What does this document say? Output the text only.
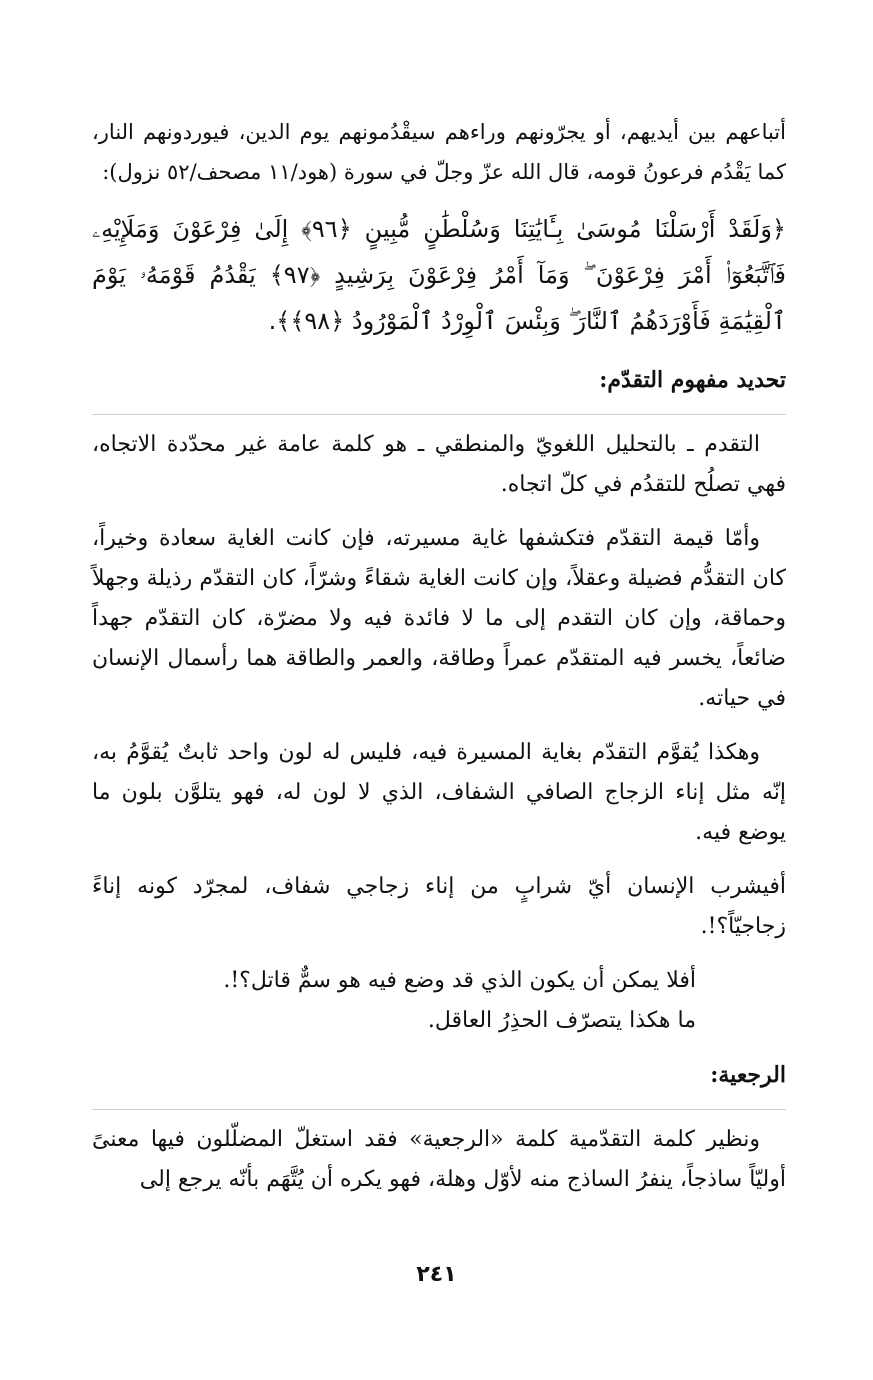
أتباعهم بين أيديهم، أو يجرّونهم وراءهم سيقْدُمونهم يوم الدين، فيوردونهم النار، كما يَقْدُم فرعونُ قومه، قال الله عزّ وجلّ في سورة (هود/١١ مصحف/٥٢ نزول):

﴿وَلَقَدْ أَرْسَلْنَا مُوسَىٰ بِـَٔايَٰتِنَا وَسُلْطَٰنٍ مُّبِينٍ ﴿٩٦﴾ إِلَىٰ فِرْعَوْنَ وَمَلَإِيْهِۦ فَٱتَّبَعُوٓا۟ أَمْرَ فِرْعَوْنَ ۖ وَمَآ أَمْرُ فِرْعَوْنَ بِرَشِيدٍ ﴿٩٧﴾ يَقْدُمُ قَوْمَهُۥ يَوْمَ ٱلْقِيَٰمَةِ فَأَوْرَدَهُمُ ٱلنَّارَ ۖ وَبِئْسَ ٱلْوِرْدُ ٱلْمَوْرُودُ ﴿٩٨﴾﴾.

تحديد مفهوم التقدّم:

التقدم ـ بالتحليل اللغويّ والمنطقي ـ هو كلمة عامة غير محدّدة الاتجاه، فهي تصلُح للتقدُم في كلّ اتجاه.

وأمّا قيمة التقدّم فتكشفها غاية مسيرته، فإن كانت الغاية سعادة وخيراً، كان التقدُّم فضيلة وعقلاً، وإن كانت الغاية شقاءً وشرّاً، كان التقدّم رذيلة وجهلاً وحماقة، وإن كان التقدم إلى ما لا فائدة فيه ولا مضرّة، كان التقدّم جهداً ضائعاً، يخسر فيه المتقدّم عمراً وطاقة، والعمر والطاقة هما رأسمال الإنسان في حياته.

وهكذا يُقوَّم التقدّم بغاية المسيرة فيه، فليس له لون واحد ثابتٌ يُقوَّمُ به، إنّه مثل إناء الزجاج الصافي الشفاف، الذي لا لون له، فهو يتلوَّن بلون ما يوضع فيه.

أفيشرب الإنسان أيّ شرابٍ من إناء زجاجي شفاف، لمجرّد كونه إناءً زجاجيّاً؟!.

أفلا يمكن أن يكون الذي قد وضع فيه هو سمٌّ قاتل؟!.

ما هكذا يتصرّف الحذِرُ العاقل.

الرجعية:

ونظير كلمة التقدّمية كلمة «الرجعية» فقد استغلّ المضلّلون فيها معنىً أوليّاً ساذجاً، ينفرُ الساذج منه لأوّل وهلة، فهو يكره أن يُتَّهَم بأنّه يرجع إلى

٢٤١
